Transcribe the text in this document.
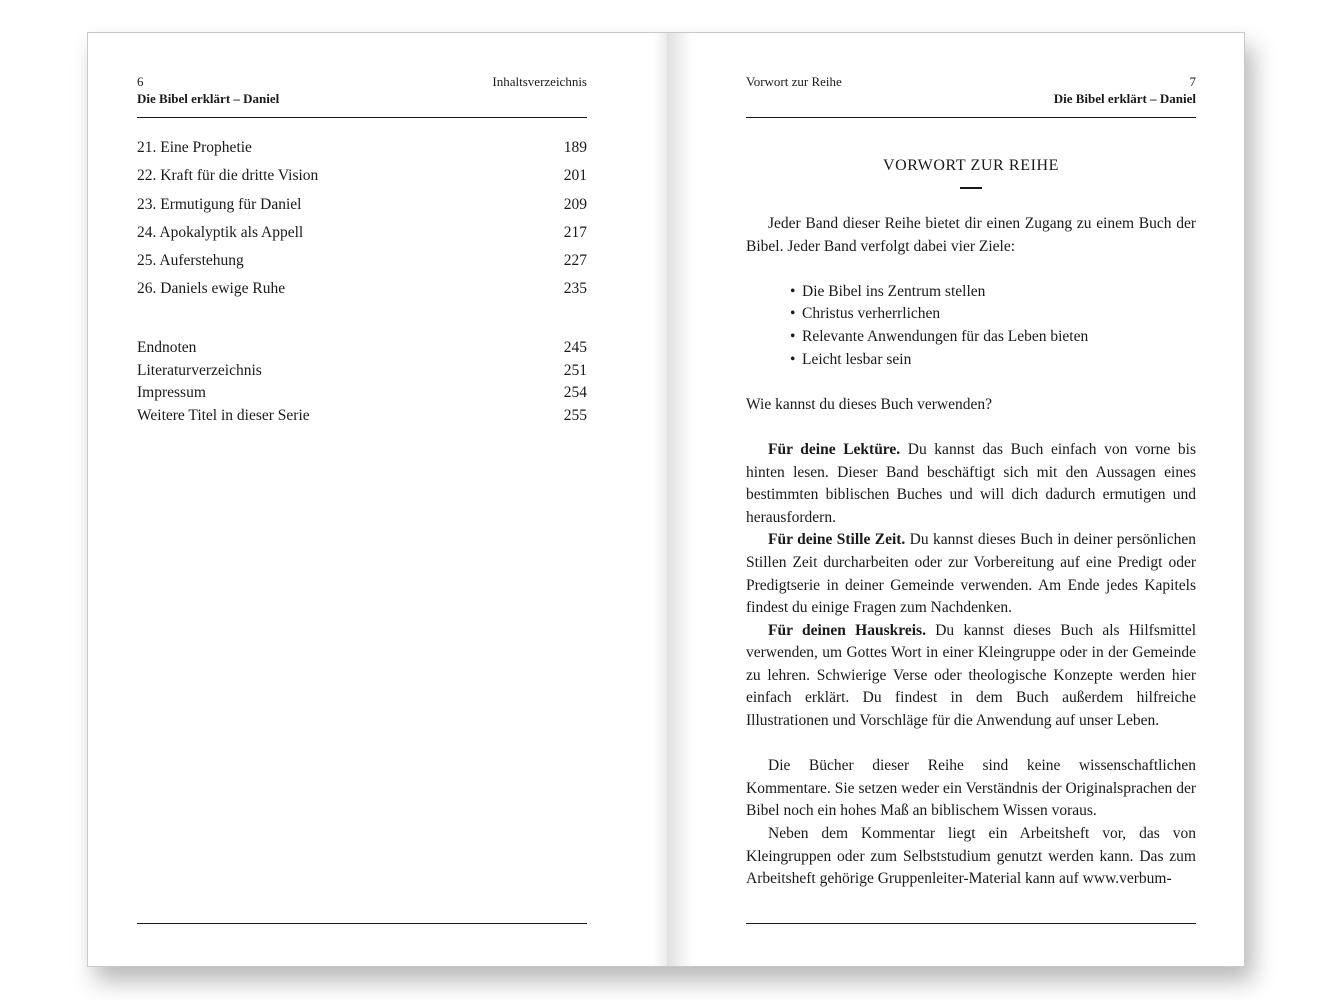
6	Inhaltsverzeichnis
Die Bibel erklärt – Daniel
21. Eine Prophetie	189
22. Kraft für die dritte Vision	201
23. Ermutigung für Daniel	209
24. Apokalyptik als Appell	217
25. Auferstehung	227
26. Daniels ewige Ruhe	235
Endnoten	245
Literaturverzeichnis	251
Impressum	254
Weitere Titel in dieser Serie	255
Vorwort zur Reihe	7
Die Bibel erklärt – Daniel
VORWORT ZUR REIHE

Jeder Band dieser Reihe bietet dir einen Zugang zu einem Buch der Bibel. Jeder Band verfolgt dabei vier Ziele:

• Die Bibel ins Zentrum stellen
• Christus verherrlichen
• Relevante Anwendungen für das Leben bieten
• Leicht lesbar sein

Wie kannst du dieses Buch verwenden?

Für deine Lektüre. Du kannst das Buch einfach von vorne bis hinten lesen. Dieser Band beschäftigt sich mit den Aussagen eines bestimmten biblischen Buches und will dich dadurch ermutigen und herausfordern.

Für deine Stille Zeit. Du kannst dieses Buch in deiner persönlichen Stillen Zeit durcharbeiten oder zur Vorbereitung auf eine Predigt oder Predigtserie in deiner Gemeinde verwenden. Am Ende jedes Kapitels findest du einige Fragen zum Nachdenken.

Für deinen Hauskreis. Du kannst dieses Buch als Hilfsmittel verwenden, um Gottes Wort in einer Kleingruppe oder in der Gemeinde zu lehren. Schwierige Verse oder theologische Konzepte werden hier einfach erklärt. Du findest in dem Buch außerdem hilfreiche Illustrationen und Vorschläge für die Anwendung auf unser Leben.

Die Bücher dieser Reihe sind keine wissenschaftlichen Kommentare. Sie setzen weder ein Verständnis der Originalsprachen der Bibel noch ein hohes Maß an biblischem Wissen voraus.

Neben dem Kommentar liegt ein Arbeitsheft vor, das von Kleingruppen oder zum Selbststudium genutzt werden kann. Das zum Arbeitsheft gehörige Gruppenleiter-Material kann auf www.verbum-
